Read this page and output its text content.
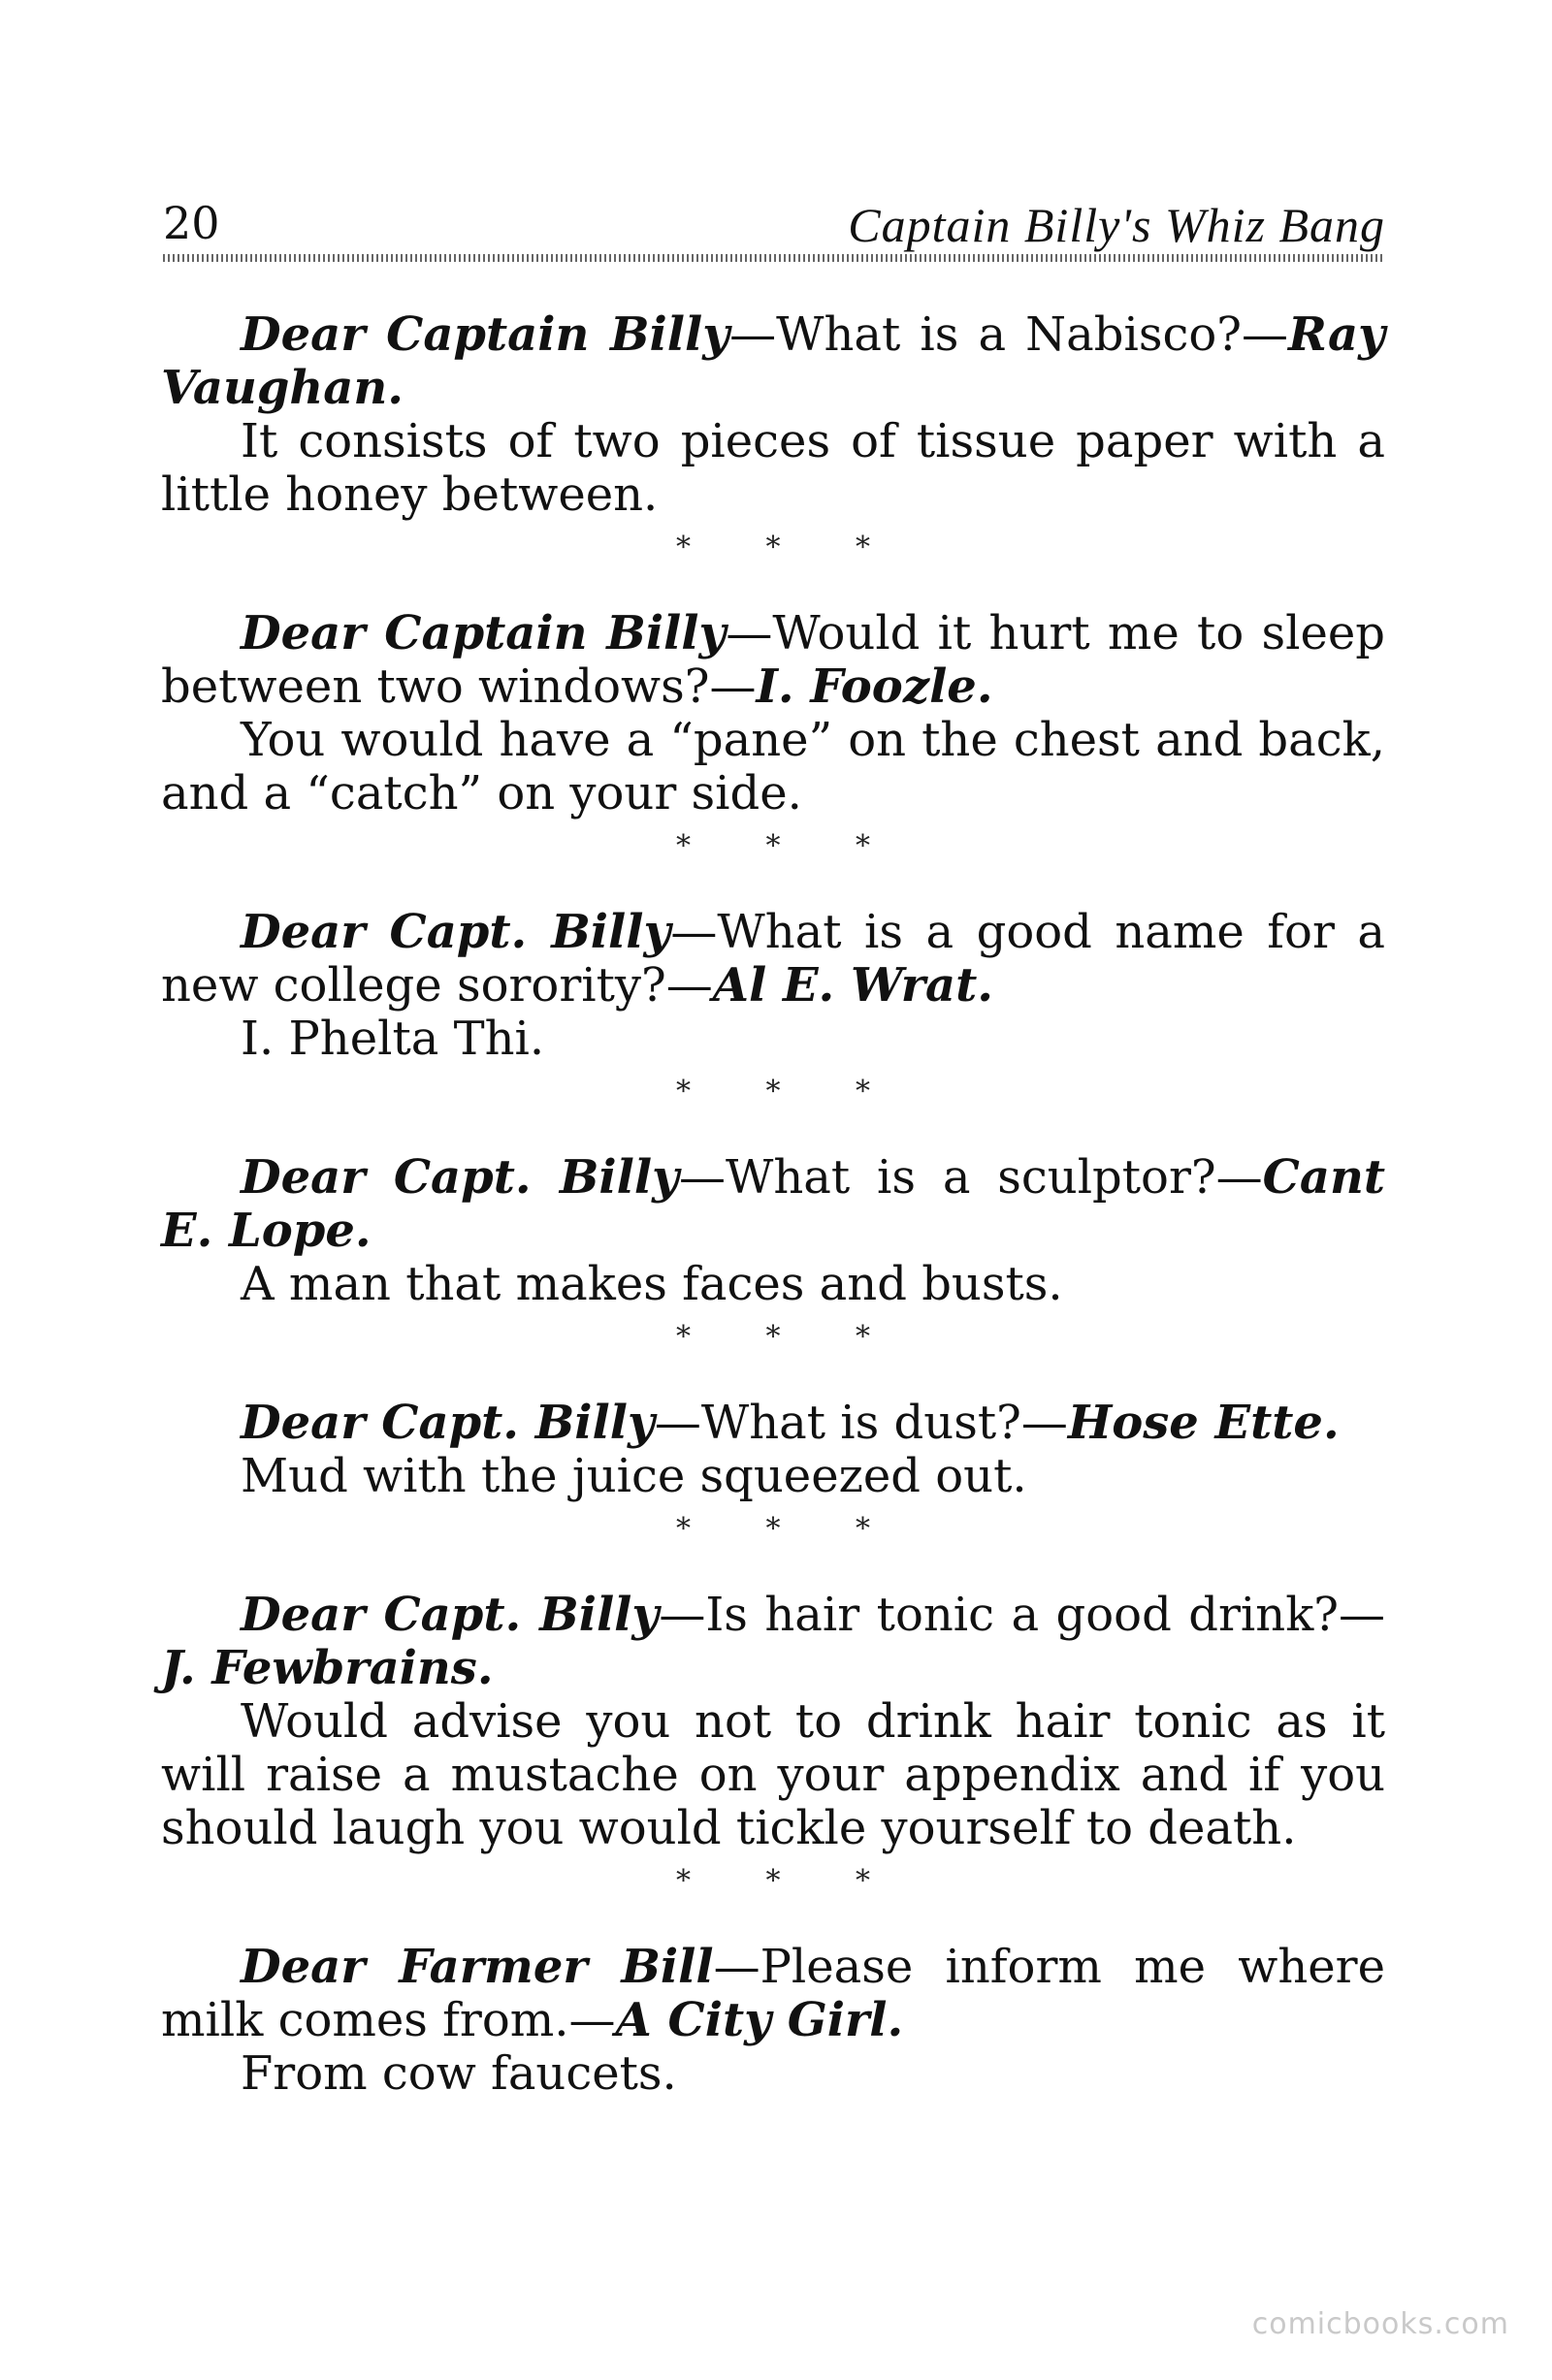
20	Captain Billy's Whiz Bang

Dear Captain Billy—What is a Nabisco?—Ray Vaughan.

It consists of two pieces of tissue paper with a little honey between.

* * *

Dear Captain Billy—Would it hurt me to sleep between two windows?—I. Foozle.

You would have a “pane” on the chest and back, and a “catch” on your side.

* * *

Dear Capt. Billy—What is a good name for a new college sorority?—Al E. Wrat.

I. Phelta Thi.

* * *

Dear Capt. Billy—What is a sculptor?—Cant E. Lope.

A man that makes faces and busts.

* * *

Dear Capt. Billy—What is dust?—Hose Ette.

Mud with the juice squeezed out.

* * *

Dear Capt. Billy—Is hair tonic a good drink?—J. Fewbrains.

Would advise you not to drink hair tonic as it will raise a mustache on your appendix and if you should laugh you would tickle yourself to death.

* * *

Dear Farmer Bill—Please inform me where milk comes from.—A City Girl.

From cow faucets.

comicbooks.com
